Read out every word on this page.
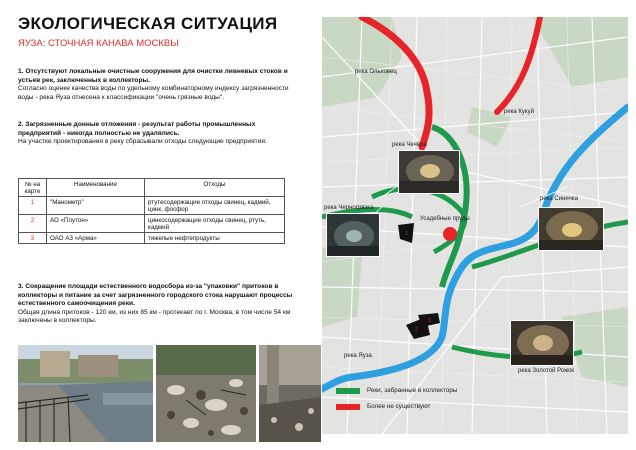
ЭКОЛОГИЧЕСКАЯ СИТУАЦИЯ
ЯУЗА: СТОЧНАЯ КАНАВА МОСКВЫ
1. Отсутствуют локальные очистные сооружения для очистки ливневых стоков и устьев рек, заключенных в коллекторы.
Согласно оценке качества воды по удельному комбинаторному индексу загрязненности воды - река Яуза отнесена к классификации "очень грязные воды".
2. Загрязненные донные отложения - результат работы промышленных предприятий - никогда полностью не удалялись.
На участке проектирования в реку сбрасывали отходы следующие предприятия:
№ на карте	Наименование	Отходы
1	"Манометр"	ртутесодержащие отходы свинец, кадмий, цинк, фосфор
2	АО «Плутон»	цинкосодержащие отходы свинец, ртуть, кадмий
3	ОАО АЗ «Арма»	тяжелые нефтепродукты
3. Сокращение площади естественного водосбора из-за "упаковки" притоков в коллекторы и питание за счет загрязненного городского стока нарушают процессы естественного самоочищения реки.
Общая длина притоков - 120 км, из них 85 км - протекает по г. Москва, в том числе 54 км заключены в коллекторы.
1
2
3
река Ольховец
река Кукуй
река Чечёра
река Черногрязка
Усадебные пруды
река Синичка
река Яуза
река Золотой Рожок
Реки, забранные в коллекторы
Более не существуют
